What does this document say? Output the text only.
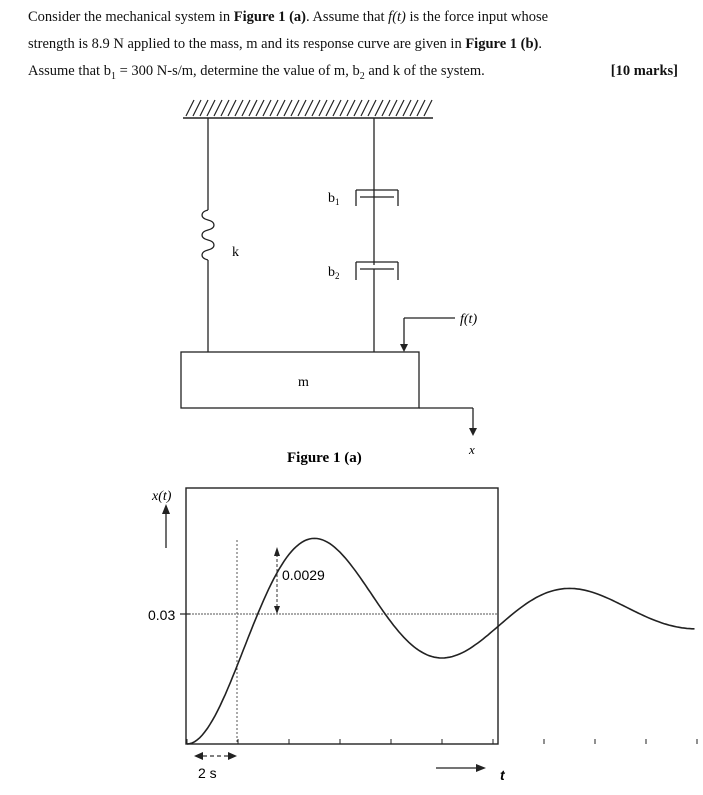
Consider the mechanical system in Figure 1 (a). Assume that f(t) is the force input whose
strength is 8.9 N applied to the mass, m and its response curve are given in Figure 1 (b).
Assume that $b_1 = 300$ N-s/m, determine the value of m, $b_2$ and k of the system.	[10 marks]
k
$b_1$
$b_2$
f(t)
m
x
Figure 1 (a)
x(t)
0.03
0.0029
2 s	t
